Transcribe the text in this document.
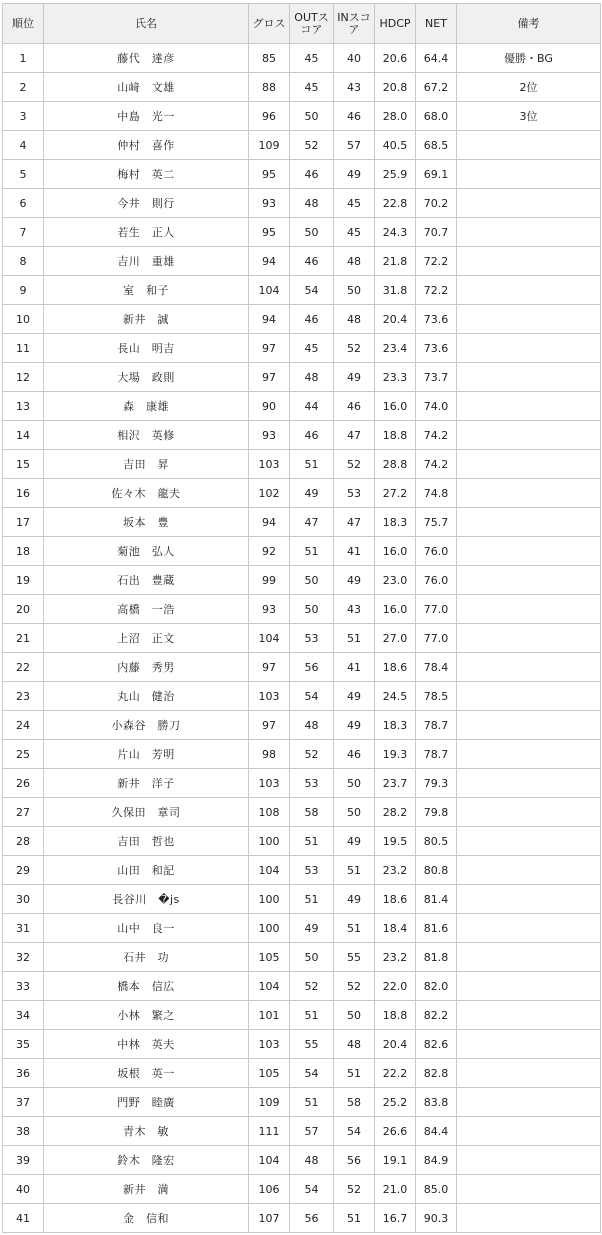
順位	氏名	グロス	OUTスコア	INスコア	HDCP	NET	備考
1	藤代　達彦	85	45	40	20.6	64.4	優勝・BG
2	山﨑　文雄	88	45	43	20.8	67.2	2位
3	中島　光一	96	50	46	28.0	68.0	3位
4	仲村　喜作	109	52	57	40.5	68.5	
5	梅村　英二	95	46	49	25.9	69.1	
6	今井　則行	93	48	45	22.8	70.2	
7	若生　正人	95	50	45	24.3	70.7	
8	吉川　重雄	94	46	48	21.8	72.2	
9	室　和子	104	54	50	31.8	72.2	
10	新井　誠	94	46	48	20.4	73.6	
11	長山　明吉	97	45	52	23.4	73.6	
12	大場　政則	97	48	49	23.3	73.7	
13	森　康雄	90	44	46	16.0	74.0	
14	相沢　英修	93	46	47	18.8	74.2	
15	吉田　昇	103	51	52	28.8	74.2	
16	佐々木　龍夫	102	49	53	27.2	74.8	
17	坂本　豊	94	47	47	18.3	75.7	
18	菊池　弘人	92	51	41	16.0	76.0	
19	石出　豊蔵	99	50	49	23.0	76.0	
20	高橋　一浩	93	50	43	16.0	77.0	
21	上沼　正文	104	53	51	27.0	77.0	
22	内藤　秀男	97	56	41	18.6	78.4	
23	丸山　健治	103	54	49	24.5	78.5	
24	小森谷　勝刀	97	48	49	18.3	78.7	
25	片山　芳明	98	52	46	19.3	78.7	
26	新井　洋子	103	53	50	23.7	79.3	
27	久保田　章司	108	58	50	28.2	79.8	
28	吉田　哲也	100	51	49	19.5	80.5	
29	山田　和記	104	53	51	23.2	80.8	
30	長谷川　�js	100	51	49	18.6	81.4	
31	山中　良一	100	49	51	18.4	81.6	
32	石井　功	105	50	55	23.2	81.8	
33	橋本　信広	104	52	52	22.0	82.0	
34	小林　繁之	101	51	50	18.8	82.2	
35	中林　英夫	103	55	48	20.4	82.6	
36	坂根　英一	105	54	51	22.2	82.8	
37	門野　睦廣	109	51	58	25.2	83.8	
38	青木　敏	111	57	54	26.6	84.4	
39	鈴木　隆宏	104	48	56	19.1	84.9	
40	新井　満	106	54	52	21.0	85.0	
41	金　信和	107	56	51	16.7	90.3	
